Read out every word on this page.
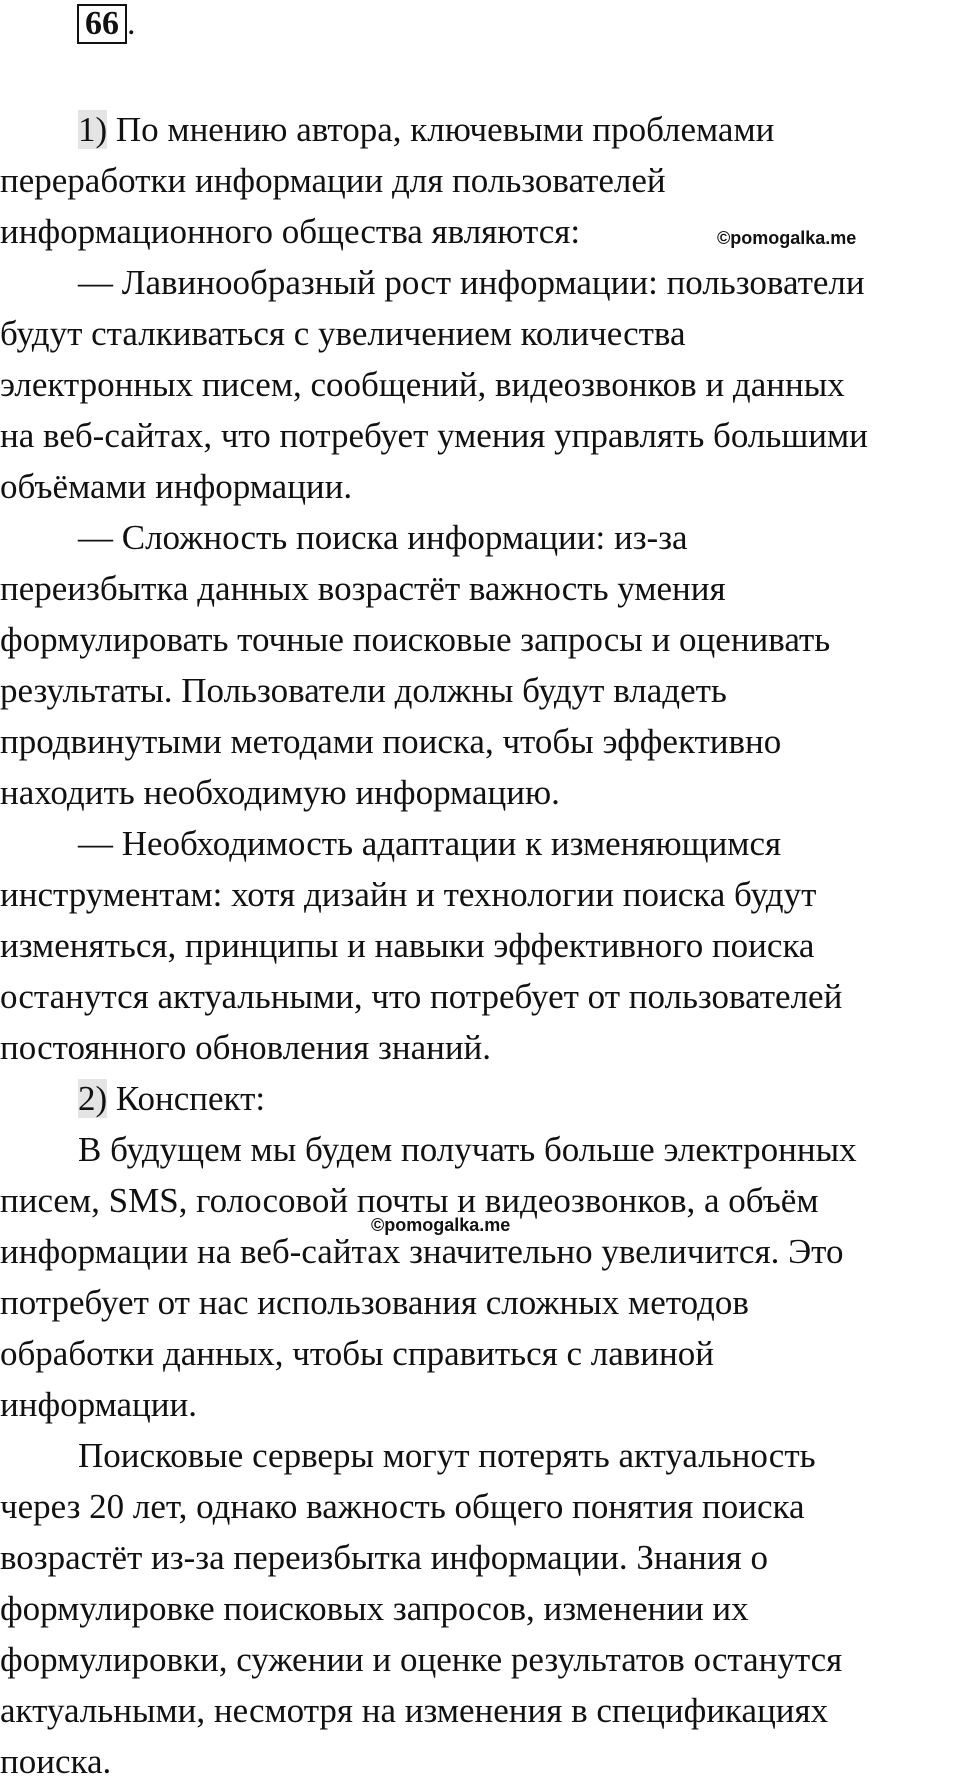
66 .

1) По мнению автора, ключевыми проблемами
переработки информации для пользователей
информационного общества являются:

— Лавинообразный рост информации: пользователи
будут сталкиваться с увеличением количества
электронных писем, сообщений, видеозвонков и данных
на веб-сайтах, что потребует умения управлять большими
объёмами информации.

— Сложность поиска информации: из-за
переизбытка данных возрастёт важность умения
формулировать точные поисковые запросы и оценивать
результаты. Пользователи должны будут владеть
продвинутыми методами поиска, чтобы эффективно
находить необходимую информацию.

— Необходимость адаптации к изменяющимся
инструментам: хотя дизайн и технологии поиска будут
изменяться, принципы и навыки эффективного поиска
останутся актуальными, что потребует от пользователей
постоянного обновления знаний.

2) Конспект:

В будущем мы будем получать больше электронных
писем, SMS, голосовой почты и видеозвонков, а объём
информации на веб-сайтах значительно увеличится. Это
потребует от нас использования сложных методов
обработки данных, чтобы справиться с лавиной
информации.

Поисковые серверы могут потерять актуальность
через 20 лет, однако важность общего понятия поиска
возрастёт из-за переизбытка информации. Знания о
формулировке поисковых запросов, изменении их
формулировки, сужении и оценке результатов останутся
актуальными, несмотря на изменения в спецификациях
поиска.

©pomogalka.me
©pomogalka.me
